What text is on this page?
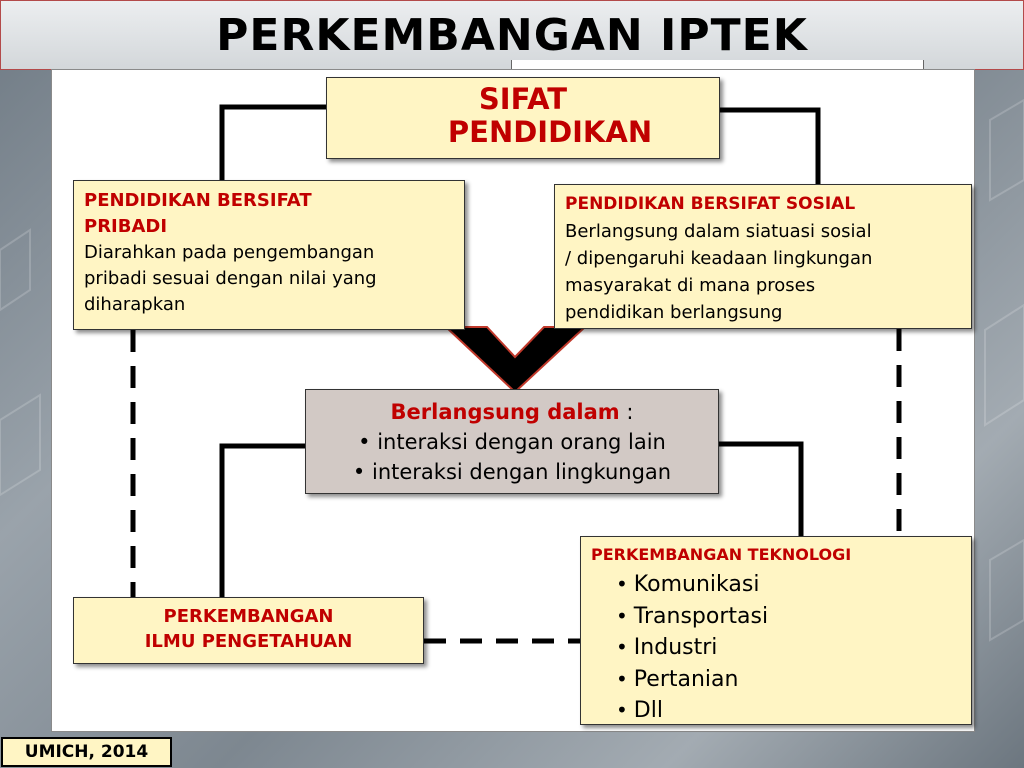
PERKEMBANGAN IPTEK
SIFAT
PENDIDIKAN
PENDIDIKAN BERSIFAT
PRIBADI
Diarahkan pada pengembangan
pribadi sesuai dengan nilai yang
diharapkan
PENDIDIKAN BERSIFAT SOSIAL
Berlangsung dalam siatuasi sosial
/ dipengaruhi keadaan lingkungan
masyarakat di mana proses
pendidikan berlangsung
Berlangsung dalam :
• interaksi dengan orang lain
• interaksi dengan lingkungan
PERKEMBANGAN
ILMU PENGETAHUAN
PERKEMBANGAN TEKNOLOGI
• Komunikasi
• Transportasi
• Industri
• Pertanian
• Dll
UMICH, 2014
